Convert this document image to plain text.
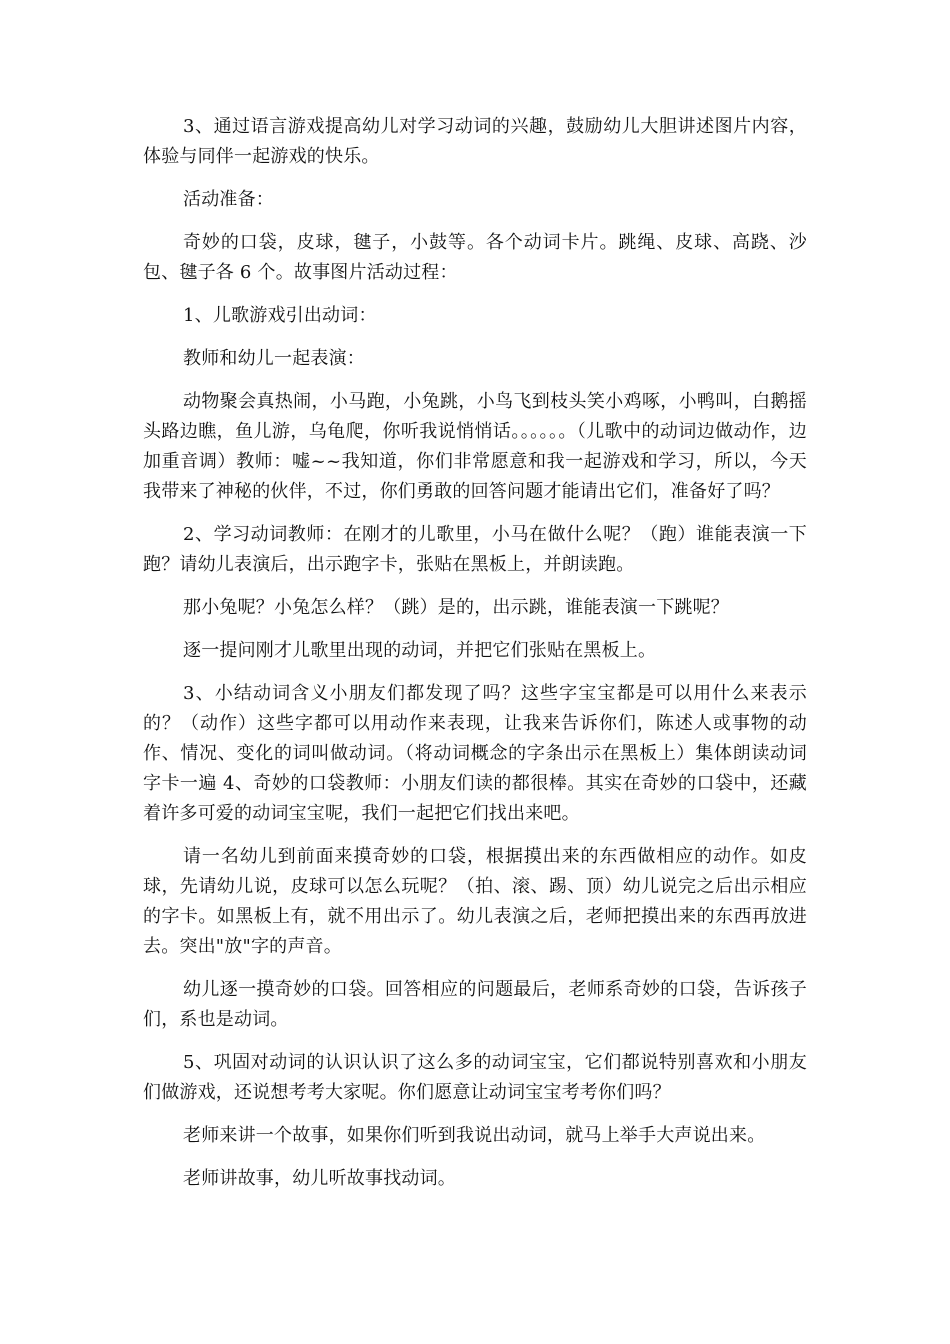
3、通过语言游戏提高幼儿对学习动词的兴趣，鼓励幼儿大胆讲述图片内容，体验与同伴一起游戏的快乐。

活动准备：

奇妙的口袋，皮球，毽子，小鼓等。各个动词卡片。跳绳、皮球、高跷、沙包、毽子各 6 个。故事图片活动过程：

1、儿歌游戏引出动词：

教师和幼儿一起表演：

动物聚会真热闹，小马跑，小兔跳，小鸟飞到枝头笑小鸡啄，小鸭叫，白鹅摇头路边瞧，鱼儿游，乌龟爬，你听我说悄悄话。。。。。。（儿歌中的动词边做动作，边加重音调）教师：嘘~~我知道，你们非常愿意和我一起游戏和学习，所以，今天我带来了神秘的伙伴，不过，你们勇敢的回答问题才能请出它们，准备好了吗？

2、学习动词教师：在刚才的儿歌里，小马在做什么呢？（跑）谁能表演一下跑？请幼儿表演后，出示跑字卡，张贴在黑板上，并朗读跑。

那小兔呢？小兔怎么样？（跳）是的，出示跳，谁能表演一下跳呢？

逐一提问刚才儿歌里出现的动词，并把它们张贴在黑板上。

3、小结动词含义小朋友们都发现了吗？这些字宝宝都是可以用什么来表示的？（动作）这些字都可以用动作来表现，让我来告诉你们，陈述人或事物的动作、情况、变化的词叫做动词。（将动词概念的字条出示在黑板上）集体朗读动词字卡一遍 4、奇妙的口袋教师：小朋友们读的都很棒。其实在奇妙的口袋中，还藏着许多可爱的动词宝宝呢，我们一起把它们找出来吧。

请一名幼儿到前面来摸奇妙的口袋，根据摸出来的东西做相应的动作。如皮球，先请幼儿说，皮球可以怎么玩呢？（拍、滚、踢、顶）幼儿说完之后出示相应的字卡。如黑板上有，就不用出示了。幼儿表演之后，老师把摸出来的东西再放进去。突出"放"字的声音。

幼儿逐一摸奇妙的口袋。回答相应的问题最后，老师系奇妙的口袋，告诉孩子们，系也是动词。

5、巩固对动词的认识认识了这么多的动词宝宝，它们都说特别喜欢和小朋友们做游戏，还说想考考大家呢。你们愿意让动词宝宝考考你们吗？

老师来讲一个故事，如果你们听到我说出动词，就马上举手大声说出来。

老师讲故事，幼儿听故事找动词。
